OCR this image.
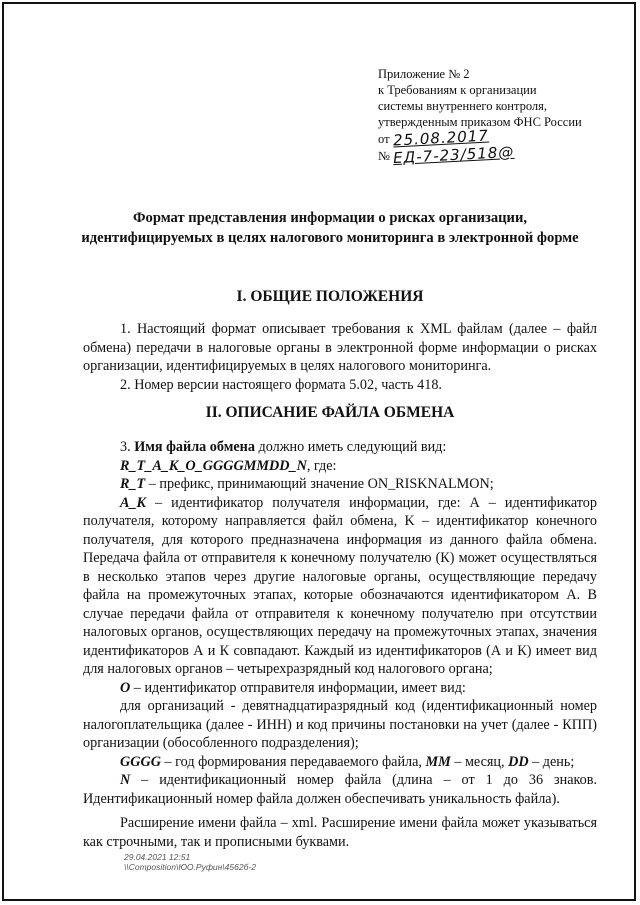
Приложение № 2
к Требованиям к организации
системы внутреннего контроля,
утвержденным приказом ФНС России
от 25.08.2017
№ ЕД-7-23/518@
Формат представления информации о рисках организации,
идентифицируемых в целях налогового мониторинга в электронной форме
I. ОБЩИЕ ПОЛОЖЕНИЯ

1. Настоящий формат описывает требования к XML файлам (далее – файл обмена) передачи в налоговые органы в электронной форме информации о рисках организации, идентифицируемых в целях налогового мониторинга.

2. Номер версии настоящего формата 5.02, часть 418.

II. ОПИСАНИЕ ФАЙЛА ОБМЕНА

3. Имя файла обмена должно иметь следующий вид:

R_T_A_K_O_GGGGMMDD_N, где:

R_T – префикс, принимающий значение ON_RISKNALMON;

A_K – идентификатор получателя информации, где: А – идентификатор получателя, которому направляется файл обмена, K – идентификатор конечного получателя, для которого предназначена информация из данного файла обмена. Передача файла от отправителя к конечному получателю (К) может осуществляться в несколько этапов через другие налоговые органы, осуществляющие передачу файла на промежуточных этапах, которые обозначаются идентификатором А. В случае передачи файла от отправителя к конечному получателю при отсутствии налоговых органов, осуществляющих передачу на промежуточных этапах, значения идентификаторов А и К совпадают. Каждый из идентификаторов (А и К) имеет вид для налоговых органов – четырехразрядный код налогового органа;

O – идентификатор отправителя информации, имеет вид:

для организаций - девятнадцатиразрядный код (идентификационный номер налогоплательщика (далее - ИНН) и код причины постановки на учет (далее - КПП) организации (обособленного подразделения);

GGGG – год формирования передаваемого файла, MM – месяц, DD – день;

N – идентификационный номер файла (длина – от 1 до 36 знаков. Идентификационный номер файла должен обеспечивать уникальность файла).

Расширение имени файла – xml. Расширение имени файла может указываться как строчными, так и прописными буквами.

29.04.2021 12:51
\\Composition\ЮО.Руфин\4562б-2
